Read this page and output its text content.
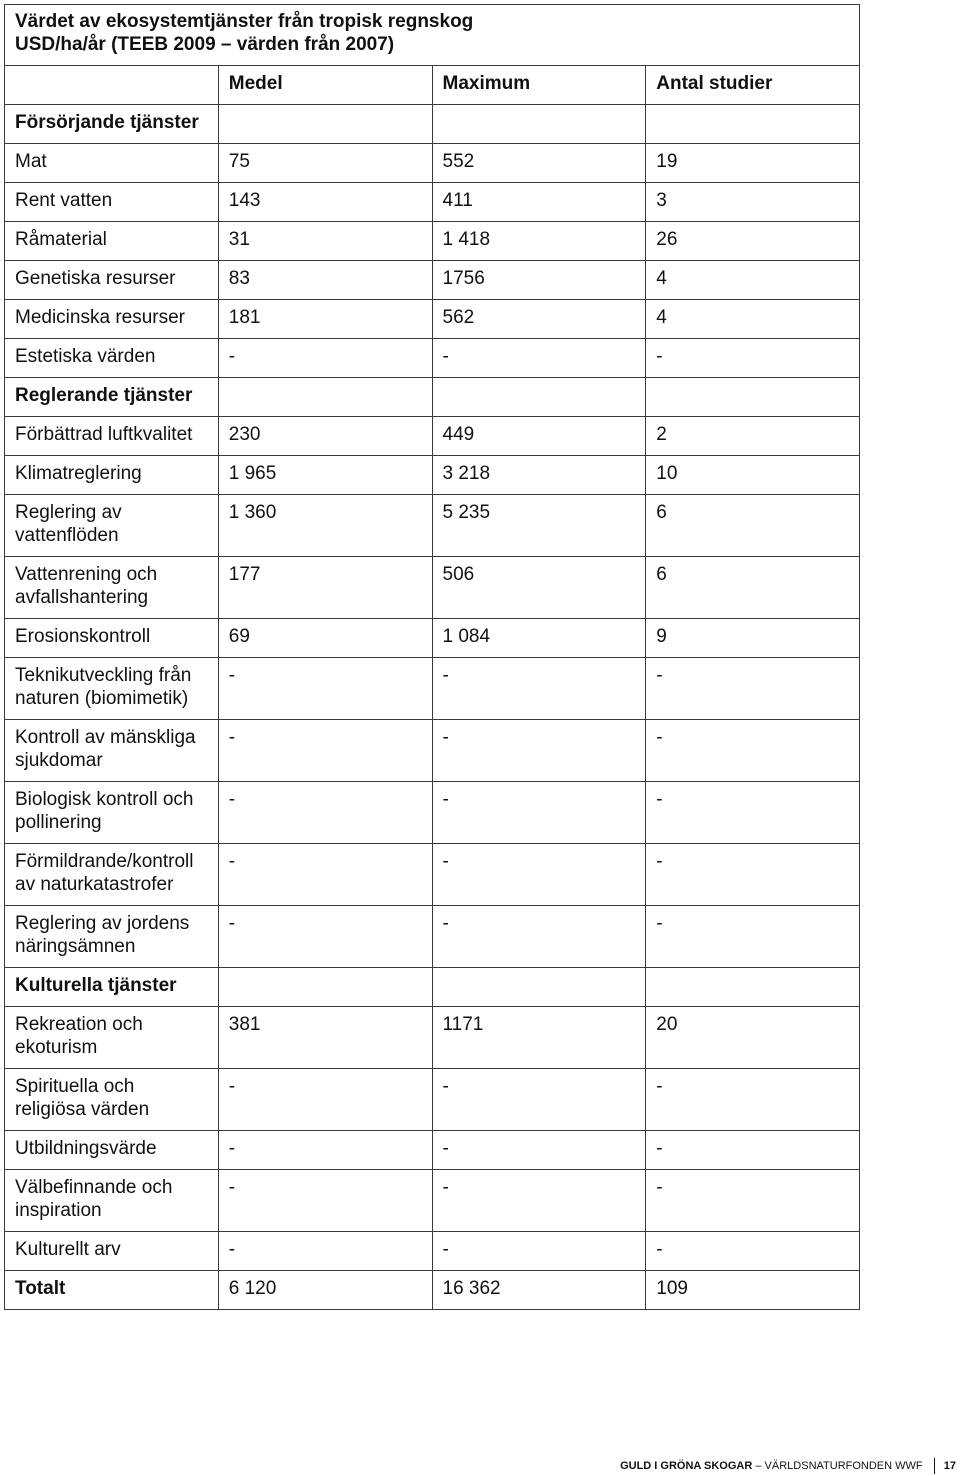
Värdet av ekosystemtjänster från tropisk regnskog
USD/ha/år (TEEB 2009 – värden från 2007)			

	Medel	Maximum	Antal studier
Försörjande tjänster			
Mat	75	552	19
Rent vatten	143	411	3
Råmaterial	31	1 418	26
Genetiska resurser	83	1756	4
Medicinska resurser	181	562	4
Estetiska värden	-	-	-
Reglerande tjänster			
Förbättrad luftkvalitet	230	449	2
Klimatreglering	1 965	3 218	10
Reglering av vattenflöden	1 360	5 235	6
Vattenrening och avfallshantering	177	506	6
Erosionskontroll	69	1 084	9
Teknikutveckling från naturen (biomimetik)	-	-	-
Kontroll av mänskliga sjukdomar	-	-	-
Biologisk kontroll och pollinering	-	-	-
Förmildrande/kontroll av naturkatastrofer	-	-	-
Reglering av jordens näringsämnen	-	-	-
Kulturella tjänster			
Rekreation och ekoturism	381	1171	20
Spirituella och religiösa värden	-	-	-
Utbildningsvärde	-	-	-
Välbefinnande och inspiration	-	-	-
Kulturellt arv	-	-	-
Totalt	6 120	16 362	109
GULD I GRÖNA SKOGAR – VÄRLDSNATURFONDEN WWF 17
